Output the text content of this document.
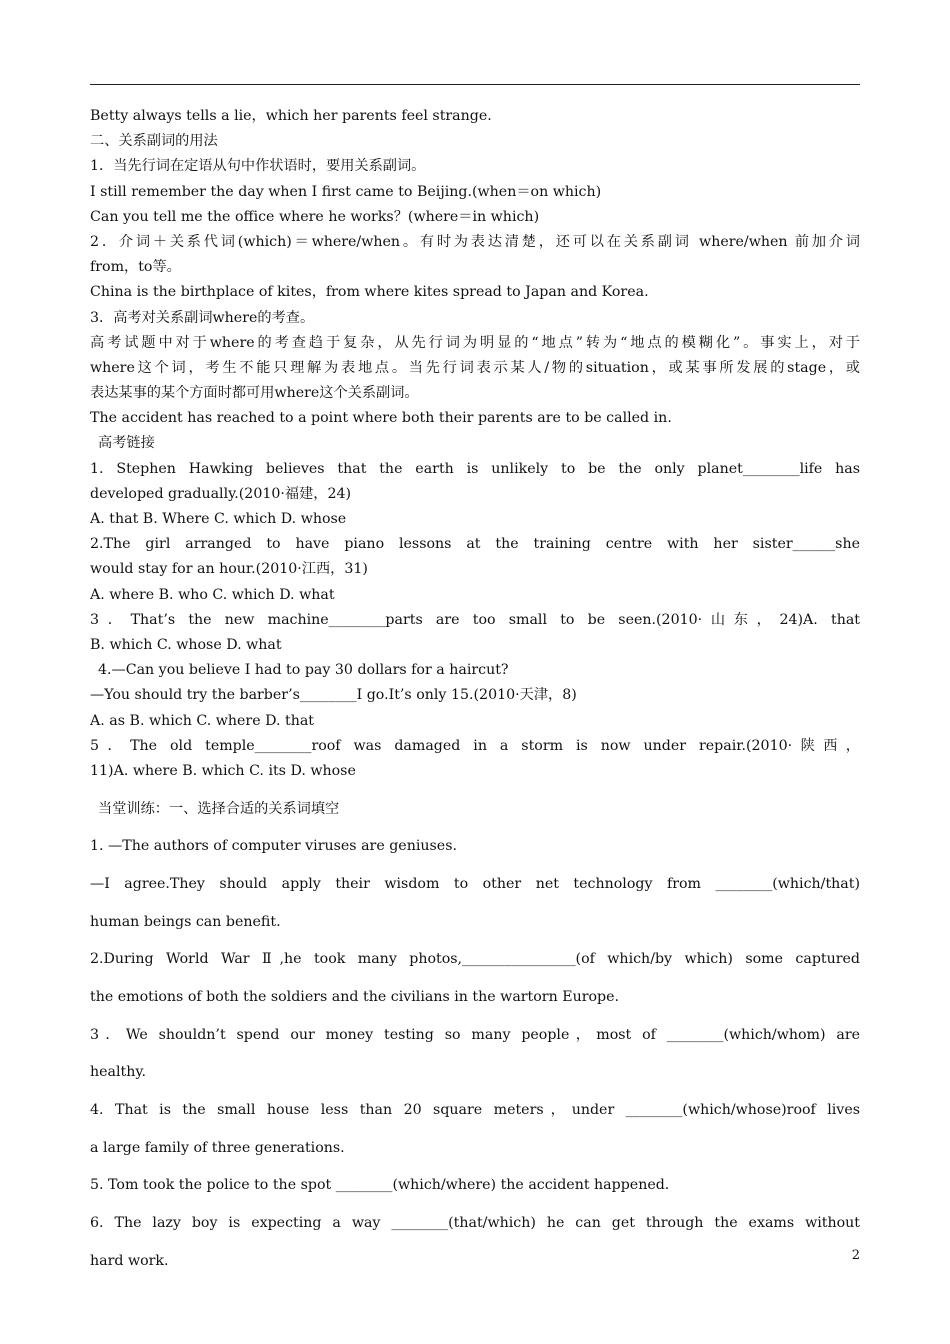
Betty always tells a lie，which her parents feel strange.

二、关系副词的用法

1．当先行词在定语从句中作状语时，要用关系副词。

I still remember the day when I first came to Beijing.(when＝on which)

Can you tell me the office where he works？(where＝in which)

2．介词＋关系代词(which)＝where/when。有时为表达清楚，还可以在关系副词 where/when 前加介词

from，to等。

China is the birthplace of kites，from where kites spread to Japan and Korea.

3．高考对关系副词where的考查。

高考试题中对于where的考查趋于复杂，从先行词为明显的“地点”转为“地点的模糊化”。事实上，对于

where这个词，考生不能只理解为表地点。当先行词表示某人/物的situation，或某事所发展的stage，或

表达某事的某个方面时都可用where这个关系副词。

The accident has reached to a point where both their parents are to be called in.

高考链接

1. Stephen Hawking believes that the earth is unlikely to be the only planet________life has

developed gradually.(2010·福建，24)

A. that B. Where C. which D. whose

2.The girl arranged to have piano lessons at the training centre with her sister______she

would stay for an hour.(2010·江西，31)

A. where B. who C. which D. what

3．That’s the new machine________parts are too small to be seen.(2010·山东，24)A. that

B. which C. whose D. what

4.—Can you believe I had to pay 30 dollars for a haircut?

—You should try the barber’s________I go.It’s only 15.(2010·天津，8)

A. as B. which C. where D. that

5．The old temple________roof was damaged in a storm is now under repair.(2010·陕西，

11)A. where B. which C. its D. whose

当堂训练：一、选择合适的关系词填空

1. —The authors of computer viruses are geniuses.

—I agree.They should apply their wisdom to other net technology from ________(which/that)

human beings can benefit.

2.During World War Ⅱ,he took many photos,________________(of which/by which) some captured

the emotions of both the soldiers and the civilians in the wartorn Europe.

3．We shouldn’t spend our money testing so many people，most of ________(which/whom) are

healthy.

4. That is the small house less than 20 square meters，under ________(which/whose)roof lives

a large family of three generations.

5. Tom took the police to the spot ________(which/where) the accident happened.

6. The lazy boy is expecting a way ________(that/which) he can get through the exams without

hard work.	2
